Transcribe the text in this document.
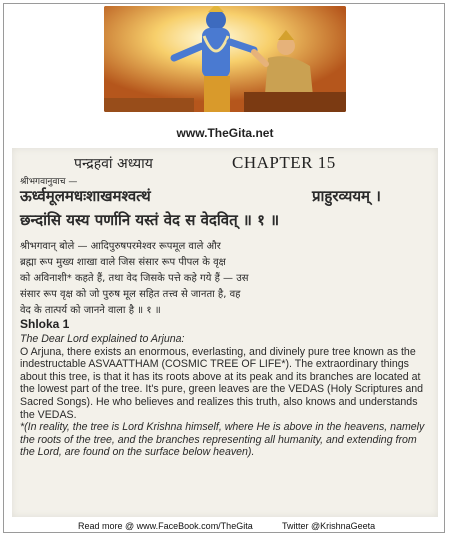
www.TheGita.net
पन्द्रहवां अध्याय	CHAPTER 15
श्रीभगवानुवाच —
ऊर्ध्वमूलमधःशाखमश्वत्थं	प्राहुरव्ययम् ।
छन्दांसि यस्य पर्णानि यस्तं वेद स वेदवित् ॥ १ ॥
श्रीभगवान् बोले — आदिपुरुषपरमेश्वर रूपमूल वाले और
ब्रह्मा रूप मुख्य शाखा वाले जिस संसार रूप पीपल के वृक्ष
को अविनाशी* कहते हैं, तथा वेद जिसके पत्ते कहे गये हैं — उस
संसार रूप वृक्ष को जो पुरुष मूल सहित तत्त्व से जानता है, वह
वेद के तात्पर्य को जानने वाला है ॥ १ ॥
Shloka 1

The Dear Lord explained to Arjuna:

O Arjuna, there exists an enormous, everlasting, and divinely pure tree known as the indestructable ASVAATTHAM (COSMIC TREE OF LIFE*). The extraordinary things about this tree, is that it has its roots above at its peak and its branches are located at the lowest part of the tree. It's pure, green leaves are the VEDAS (Holy Scriptures and Sacred Songs). He who believes and realizes this truth, also knows and understands the VEDAS.

*(In reality, the tree is Lord Krishna himself, where He is above in the heavens, namely the roots of the tree, and the branches representing all humanity, and extending from the Lord, are found on the surface below heaven).

Read more @ www.FaceBook.com/TheGita	Twitter @KrishnaGeeta
